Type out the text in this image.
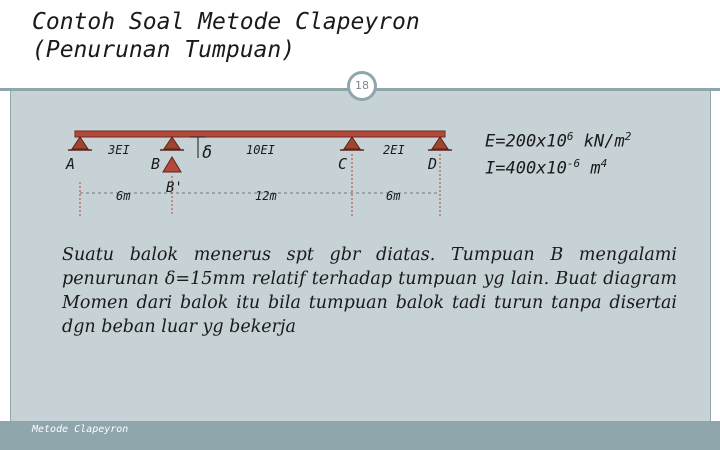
Contoh Soal Metode Clapeyron
(Penurunan Tumpuan)
18
A	B
B'
C	D
δ
3EI	10EI	2EI
6m	12m	6m
$E=200x10^6$ $kN/m^2$
$I=400x10^{-6}$ $m^4$

Suatu balok menerus spt gbr diatas. Tumpuan B mengalami penurunan δ=15mm relatif terhadap tumpuan yg lain. Buat diagram Momen dari balok itu bila tumpuan balok tadi turun tanpa disertai dgn beban luar yg bekerja

Metode Clapeyron
